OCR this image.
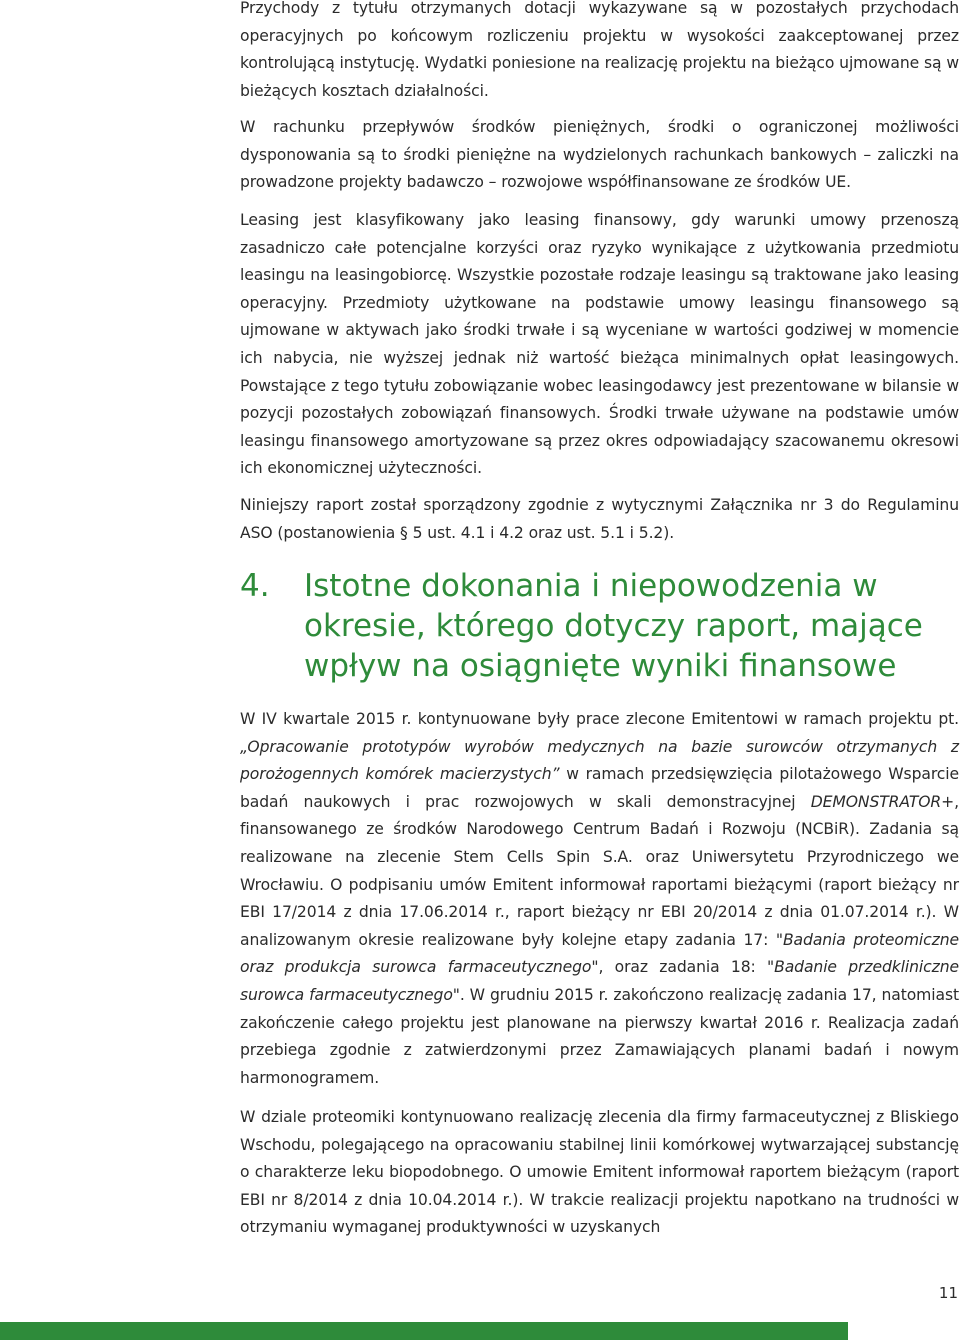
Przychody z tytułu otrzymanych dotacji wykazywane są w pozostałych przychodach operacyjnych po końcowym rozliczeniu projektu w wysokości zaakceptowanej przez kontrolującą instytucję. Wydatki poniesione na realizację projektu na bieżąco ujmowane są w bieżących kosztach działalności.

W rachunku przepływów środków pieniężnych, środki o ograniczonej możliwości dysponowania są to środki pieniężne na wydzielonych rachunkach bankowych – zaliczki na prowadzone projekty badawczo – rozwojowe współfinansowane ze środków UE.

Leasing jest klasyfikowany jako leasing finansowy, gdy warunki umowy przenoszą zasadniczo całe potencjalne korzyści oraz ryzyko wynikające z użytkowania przedmiotu leasingu na leasingobiorcę. Wszystkie pozostałe rodzaje leasingu są traktowane jako leasing operacyjny. Przedmioty użytkowane na podstawie umowy leasingu finansowego są ujmowane w aktywach jako środki trwałe i są wyceniane w wartości godziwej w momencie ich nabycia, nie wyższej jednak niż wartość bieżąca minimalnych opłat leasingowych. Powstające z tego tytułu zobowiązanie wobec leasingodawcy jest prezentowane w bilansie w pozycji pozostałych zobowiązań finansowych. Środki trwałe używane na podstawie umów leasingu finansowego amortyzowane są przez okres odpowiadający szacowanemu okresowi ich ekonomicznej użyteczności.

Niniejszy raport został sporządzony zgodnie z wytycznymi Załącznika nr 3 do Regulaminu ASO (postanowienia § 5 ust. 4.1 i 4.2 oraz ust. 5.1 i 5.2).

4. Istotne dokonania i niepowodzenia w okresie, którego dotyczy raport, mające wpływ na osiągnięte wyniki finansowe

W IV kwartale 2015 r. kontynuowane były prace zlecone Emitentowi w ramach projektu pt. „Opracowanie prototypów wyrobów medycznych na bazie surowców otrzymanych z porożogennych komórek macierzystych” w ramach przedsięwzięcia pilotażowego Wsparcie badań naukowych i prac rozwojowych w skali demonstracyjnej DEMONSTRATOR+, finansowanego ze środków Narodowego Centrum Badań i Rozwoju (NCBiR). Zadania są realizowane na zlecenie Stem Cells Spin S.A. oraz Uniwersytetu Przyrodniczego we Wrocławiu. O podpisaniu umów Emitent informował raportami bieżącymi (raport bieżący nr EBI 17/2014 z dnia 17.06.2014 r., raport bieżący nr EBI 20/2014 z dnia 01.07.2014 r.). W analizowanym okresie realizowane były kolejne etapy zadania 17: "Badania proteomiczne oraz produkcja surowca farmaceutycznego", oraz zadania 18: "Badanie przedkliniczne surowca farmaceutycznego". W grudniu 2015 r. zakończono realizację zadania 17, natomiast zakończenie całego projektu jest planowane na pierwszy kwartał 2016 r. Realizacja zadań przebiega zgodnie z zatwierdzonymi przez Zamawiających planami badań i nowym harmonogramem.

W dziale proteomiki kontynuowano realizację zlecenia dla firmy farmaceutycznej z Bliskiego Wschodu, polegającego na opracowaniu stabilnej linii komórkowej wytwarzającej substancję o charakterze leku biopodobnego. O umowie Emitent informował raportem bieżącym (raport EBI nr 8/2014 z dnia 10.04.2014 r.). W trakcie realizacji projektu napotkano na trudności w otrzymaniu wymaganej produktywności w uzyskanych

11
